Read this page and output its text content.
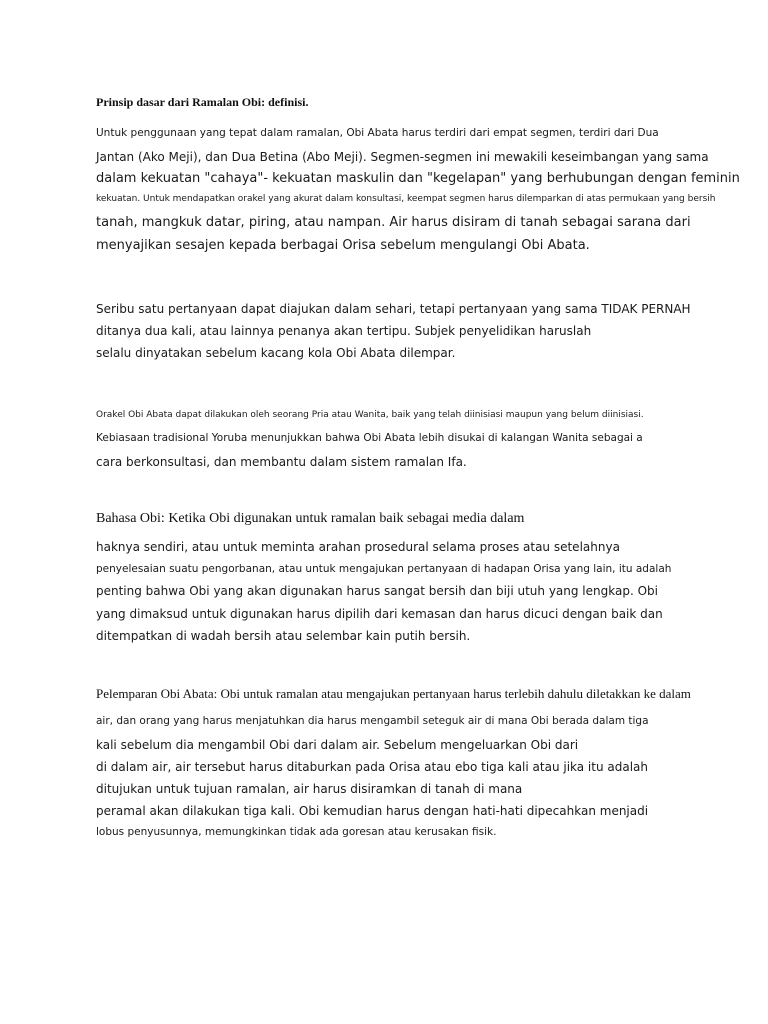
Prinsip dasar dari Ramalan Obi: definisi.
Untuk penggunaan yang tepat dalam ramalan, Obi Abata harus terdiri dari empat segmen, terdiri dari Dua
Jantan (Ako Meji), dan Dua Betina (Abo Meji). Segmen-segmen ini mewakili keseimbangan yang sama
dalam kekuatan "cahaya"- kekuatan maskulin dan "kegelapan" yang berhubungan dengan feminin
kekuatan. Untuk mendapatkan orakel yang akurat dalam konsultasi, keempat segmen harus dilemparkan di atas permukaan yang bersih
tanah, mangkuk datar, piring, atau nampan. Air harus disiram di tanah sebagai sarana dari
menyajikan sesajen kepada berbagai Orisa sebelum mengulangi Obi Abata.
Seribu satu pertanyaan dapat diajukan dalam sehari, tetapi pertanyaan yang sama TIDAK PERNAH
ditanya dua kali, atau lainnya penanya akan tertipu. Subjek penyelidikan haruslah
selalu dinyatakan sebelum kacang kola Obi Abata dilempar.
Orakel Obi Abata dapat dilakukan oleh seorang Pria atau Wanita, baik yang telah diinisiasi maupun yang belum diinisiasi.
Kebiasaan tradisional Yoruba menunjukkan bahwa Obi Abata lebih disukai di kalangan Wanita sebagai a
cara berkonsultasi, dan membantu dalam sistem ramalan Ifa.
Bahasa Obi: Ketika Obi digunakan untuk ramalan baik sebagai media dalam
haknya sendiri, atau untuk meminta arahan prosedural selama proses atau setelahnya
penyelesaian suatu pengorbanan, atau untuk mengajukan pertanyaan di hadapan Orisa yang lain, itu adalah
penting bahwa Obi yang akan digunakan harus sangat bersih dan biji utuh yang lengkap. Obi
yang dimaksud untuk digunakan harus dipilih dari kemasan dan harus dicuci dengan baik dan
ditempatkan di wadah bersih atau selembar kain putih bersih.
Pelemparan Obi Abata: Obi untuk ramalan atau mengajukan pertanyaan harus terlebih dahulu diletakkan ke dalam
air, dan orang yang harus menjatuhkan dia harus mengambil seteguk air di mana Obi berada dalam tiga
kali sebelum dia mengambil Obi dari dalam air. Sebelum mengeluarkan Obi dari
di dalam air, air tersebut harus ditaburkan pada Orisa atau ebo tiga kali atau jika itu adalah
ditujukan untuk tujuan ramalan, air harus disiramkan di tanah di mana
peramal akan dilakukan tiga kali. Obi kemudian harus dengan hati-hati dipecahkan menjadi
lobus penyusunnya, memungkinkan tidak ada goresan atau kerusakan fisik.
